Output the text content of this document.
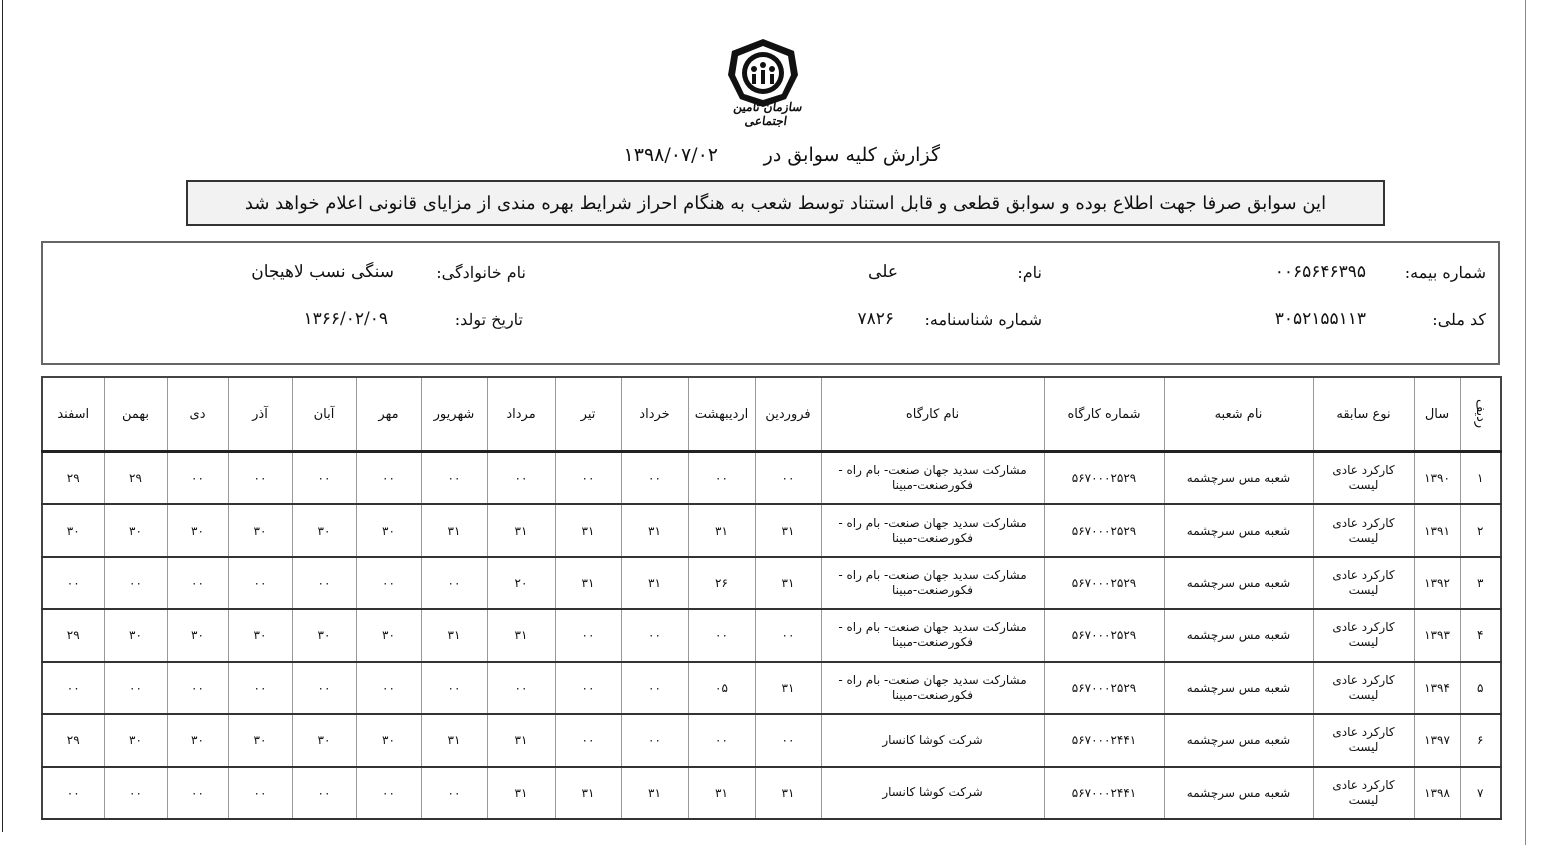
سازمان تأمین اجتماعی
گزارش کلیه سوابق در
۱۳۹۸/۰۷/۰۲
این سوابق صرفا جهت اطلاع بوده و سوابق قطعی و قابل استناد توسط شعب به هنگام احراز شرایط بهره مندی از مزایای قانونی اعلام خواهد شد
شماره بیمه:
۰۰۶۵۶۴۶۳۹۵
نام:
علی
نام خانوادگی:
سنگی نسب لاهیجان
کد ملی:
۳۰۵۲۱۵۵۱۱۳
شماره شناسنامه:
۷۸۲۶
تاریخ تولد:
۱۳۶۶/۰۲/۰۹
ردیف	سال	نوع سابقه	نام شعبه	شماره کارگاه	نام کارگاه	فروردین	اردیبهشت	خرداد	تیر	مرداد	شهریور	مهر	آبان	آذر	دی	بهمن	اسفند
۱	۱۳۹۰	کارکرد عادی لیست	شعبه مس سرچشمه	۵۶۷۰۰۰۲۵۲۹	مشارکت سدید جهان صنعت- بام راه - فکورصنعت-مبینا	۰۰	۰۰	۰۰	۰۰	۰۰	۰۰	۰۰	۰۰	۰۰	۰۰	۲۹	۲۹
۲	۱۳۹۱	کارکرد عادی لیست	شعبه مس سرچشمه	۵۶۷۰۰۰۲۵۲۹	مشارکت سدید جهان صنعت- بام راه - فکورصنعت-مبینا	۳۱	۳۱	۳۱	۳۱	۳۱	۳۱	۳۰	۳۰	۳۰	۳۰	۳۰	۳۰
۳	۱۳۹۲	کارکرد عادی لیست	شعبه مس سرچشمه	۵۶۷۰۰۰۲۵۲۹	مشارکت سدید جهان صنعت- بام راه - فکورصنعت-مبینا	۳۱	۲۶	۳۱	۳۱	۲۰	۰۰	۰۰	۰۰	۰۰	۰۰	۰۰	۰۰
۴	۱۳۹۳	کارکرد عادی لیست	شعبه مس سرچشمه	۵۶۷۰۰۰۲۵۲۹	مشارکت سدید جهان صنعت- بام راه - فکورصنعت-مبینا	۰۰	۰۰	۰۰	۰۰	۳۱	۳۱	۳۰	۳۰	۳۰	۳۰	۳۰	۲۹
۵	۱۳۹۴	کارکرد عادی لیست	شعبه مس سرچشمه	۵۶۷۰۰۰۲۵۲۹	مشارکت سدید جهان صنعت- بام راه - فکورصنعت-مبینا	۳۱	۰۵	۰۰	۰۰	۰۰	۰۰	۰۰	۰۰	۰۰	۰۰	۰۰	۰۰
۶	۱۳۹۷	کارکرد عادی لیست	شعبه مس سرچشمه	۵۶۷۰۰۰۲۴۴۱	شرکت کوشا کانسار	۰۰	۰۰	۰۰	۰۰	۳۱	۳۱	۳۰	۳۰	۳۰	۳۰	۳۰	۲۹
۷	۱۳۹۸	کارکرد عادی لیست	شعبه مس سرچشمه	۵۶۷۰۰۰۲۴۴۱	شرکت کوشا کانسار	۳۱	۳۱	۳۱	۳۱	۳۱	۰۰	۰۰	۰۰	۰۰	۰۰	۰۰	۰۰
